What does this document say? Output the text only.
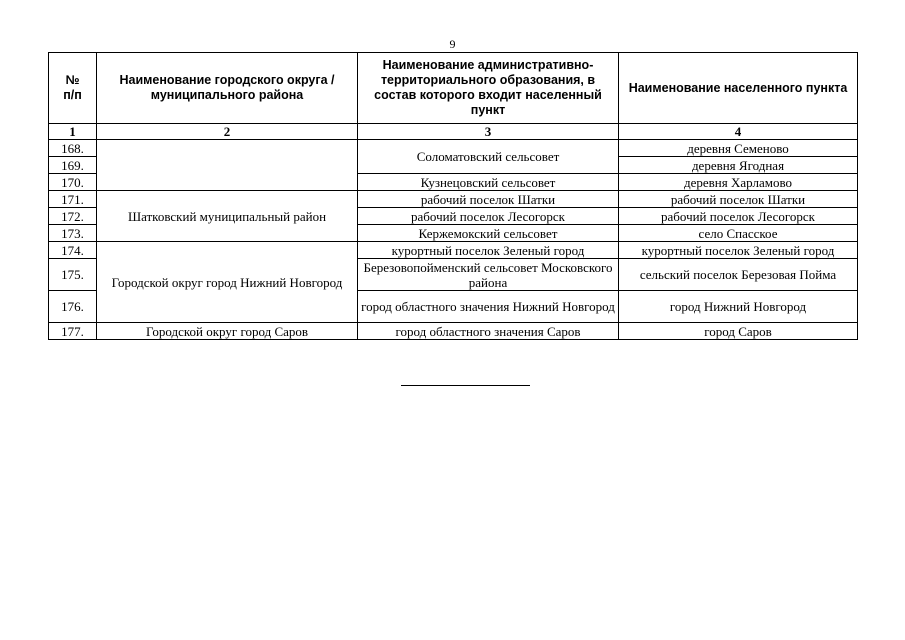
9
№
п/п	Наименование городского округа / муниципального района	Наименование административно-территориального образования, в состав которого входит населенный пункт	Наименование населенного пункта
1	2	3	4
168.		Соломатовский сельсовет	деревня Семеново
169.			деревня Ягодная
170.		Кузнецовский сельсовет	деревня Харламово
171.	Шатковский муниципальный район	рабочий поселок Шатки	рабочий поселок Шатки
172.		рабочий поселок Лесогорск	рабочий поселок Лесогорск
173.		Кержемокский сельсовет	село Спасское
174.	Городской округ город Нижний Новгород	курортный поселок Зеленый город	курортный поселок Зеленый город
175.		Березовопойменский сельсовет Московского района	сельский поселок Березовая Пойма
176.		город областного значения Нижний Новгород	город Нижний Новгород
177.	Городской округ город Саров	город областного значения Саров	город Саров
